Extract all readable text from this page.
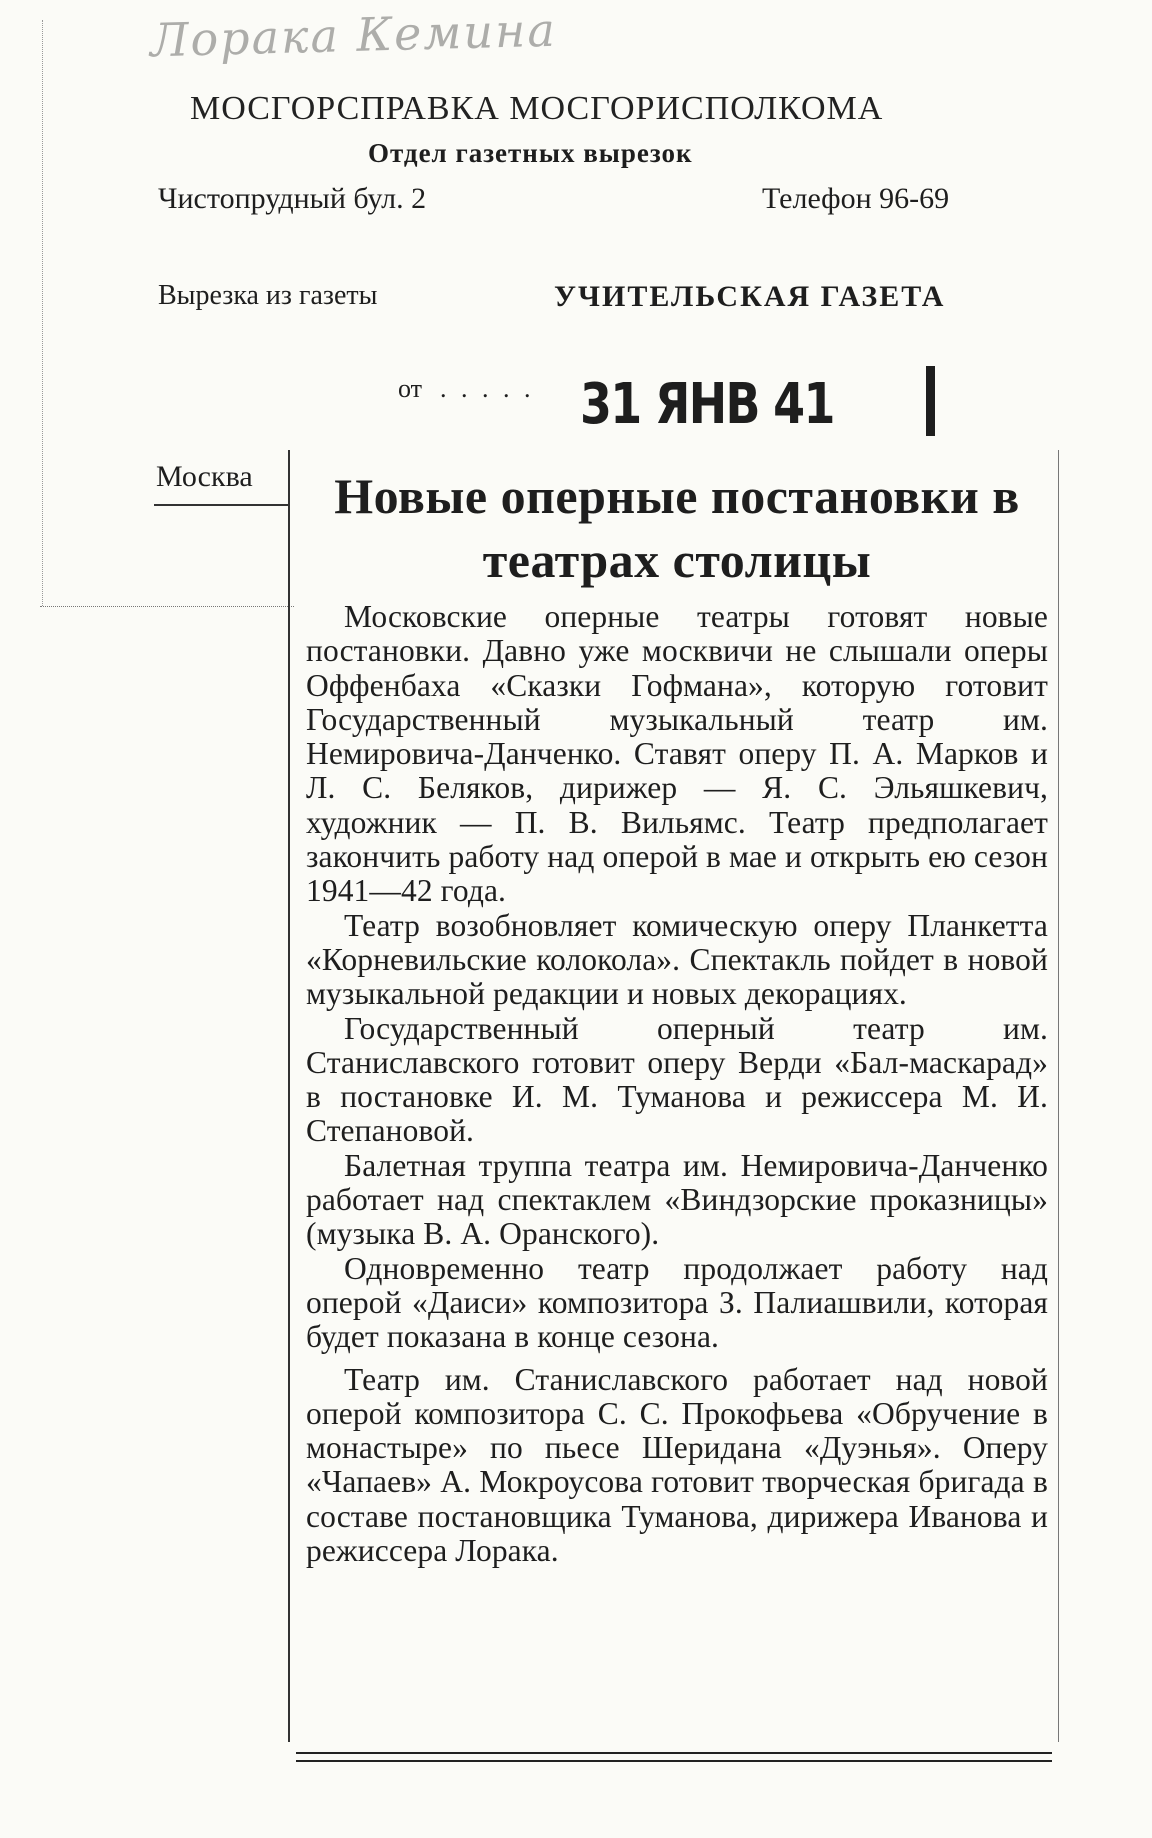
Лорака Кемина
МОСГОРСПРАВКА МОСГОРИСПОЛКОМА
Отдел газетных вырезок
Чистопрудный бул. 2	Телефон 96-69
Вырезка из газеты	УЧИТЕЛЬСКАЯ ГАЗЕТА
от . . . . . 31 ЯНВ 41
Москва	Новые оперные постановки в театрах столицы

Московские оперные театры готовят новые постановки. Давно уже москвичи не слышали оперы Оффенбаха «Сказки Гофмана», которую готовит Государственный музыкальный театр им. Немировича-Данченко. Ставят оперу П. А. Марков и Л. С. Беляков, дирижер — Я. С. Эльяшкевич, художник — П. В. Вильямс. Театр предполагает закончить работу над оперой в мае и открыть ею сезон 1941—42 года.

Театр возобновляет комическую оперу Планкетта «Корневильские колокола». Спектакль пойдет в новой музыкальной редакции и новых декорациях.

Государственный оперный театр им. Станиславского готовит оперу Верди «Бал-маскарад» в постановке И. М. Туманова и режиссера М. И. Степановой.

Балетная труппа театра им. Немировича-Данченко работает над спектаклем «Виндзорские проказницы» (музыка В. А. Оранского).

Одновременно театр продолжает работу над оперой «Даиси» композитора З. Палиашвили, которая будет показана в конце сезона.

Театр им. Станиславского работает над новой оперой композитора С. С. Прокофьева «Обручение в монастыре» по пьесе Шеридана «Дуэнья». Оперу «Чапаев» А. Мокроусова готовит творческая бригада в составе постановщика Туманова, дирижера Иванова и режиссера Лорака.
